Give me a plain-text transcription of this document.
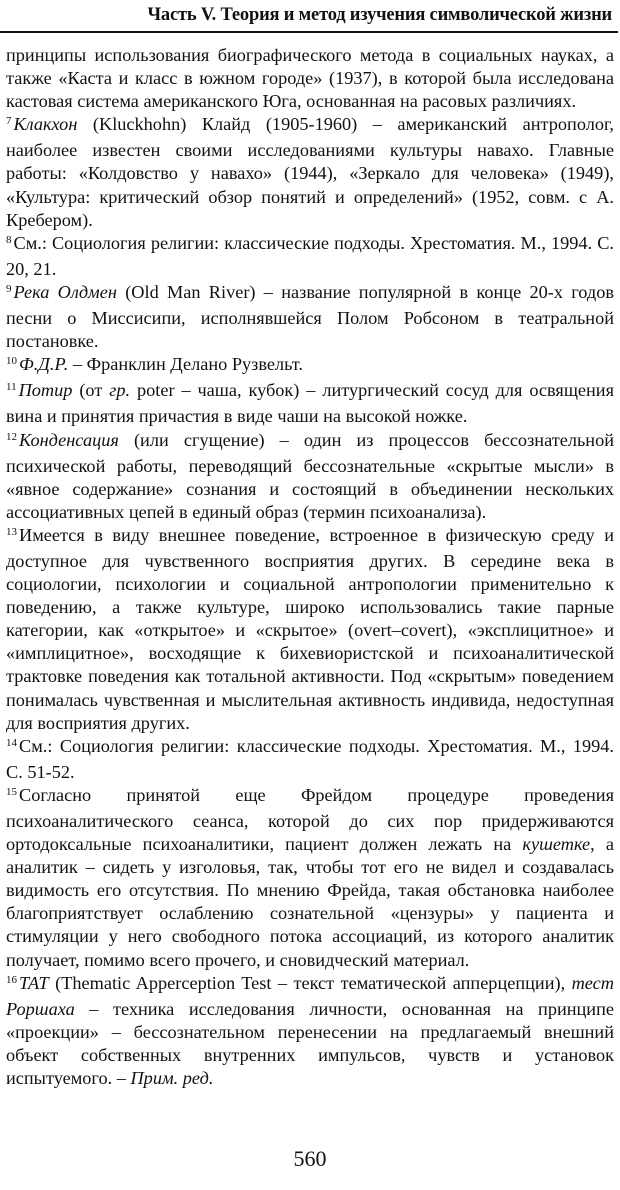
Часть V. Теория и метод изучения символической жизни

принципы использования биографического метода в социальных науках, а также «Каста и класс в южном городе» (1937), в которой была исследована кастовая система американского Юга, основанная на расовых различиях.

$^7$ Клакхон (Kluckhohn) Клайд (1905-1960) – американский антрополог, наиболее известен своими исследованиями культуры навахо. Главные работы: «Колдовство у навахо» (1944), «Зеркало для человека» (1949), «Культура: критический обзор понятий и определений» (1952, совм. с А. Кребером).

$^8$ См.: Социология религии: классические подходы. Хрестоматия. М., 1994. С. 20, 21.

$^9$ Река Олдмен (Old Man River) – название популярной в конце 20-х годов песни о Миссисипи, исполнявшейся Полом Робсоном в театральной постановке.

$^{10}$ Ф.Д.Р. – Франклин Делано Рузвельт.

$^{11}$ Потир (от гр. poter – чаша, кубок) – литургический сосуд для освящения вина и принятия причастия в виде чаши на высокой ножке.

$^{12}$ Конденсация (или сгущение) – один из процессов бессознательной психической работы, переводящий бессознательные «скрытые мысли» в «явное содержание» сознания и состоящий в объединении нескольких ассоциативных цепей в единый образ (термин психоанализа).

$^{13}$ Имеется в виду внешнее поведение, встроенное в физическую среду и доступное для чувственного восприятия других. В середине века в социологии, психологии и социальной антропологии применительно к поведению, а также культуре, широко использовались такие парные категории, как «открытое» и «скрытое» (overt–covert), «эксплицитное» и «имплицитное», восходящие к бихевиористской и психоаналитической трактовке поведения как тотальной активности. Под «скрытым» поведением понималась чувственная и мыслительная активность индивида, недоступная для восприятия других.

$^{14}$ См.: Социология религии: классические подходы. Хрестоматия. М., 1994. С. 51-52.

$^{15}$ Согласно принятой еще Фрейдом процедуре проведения психоаналитического сеанса, которой до сих пор придерживаются ортодоксальные психоаналитики, пациент должен лежать на кушетке, а аналитик – сидеть у изголовья, так, чтобы тот его не видел и создавалась видимость его отсутствия. По мнению Фрейда, такая обстановка наиболее благоприятствует ослаблению сознательной «цензуры» у пациента и стимуляции у него свободного потока ассоциаций, из которого аналитик получает, помимо всего прочего, и сновидческий материал.

$^{16}$ ТАТ (Thematic Apperception Test – текст тематической апперцепции), тест Роршаха – техника исследования личности, основанная на принципе «проекции» – бессознательном перенесении на предлагаемый внешний объект собственных внутренних импульсов, чувств и установок испытуемого. – Прим. ред.

560
